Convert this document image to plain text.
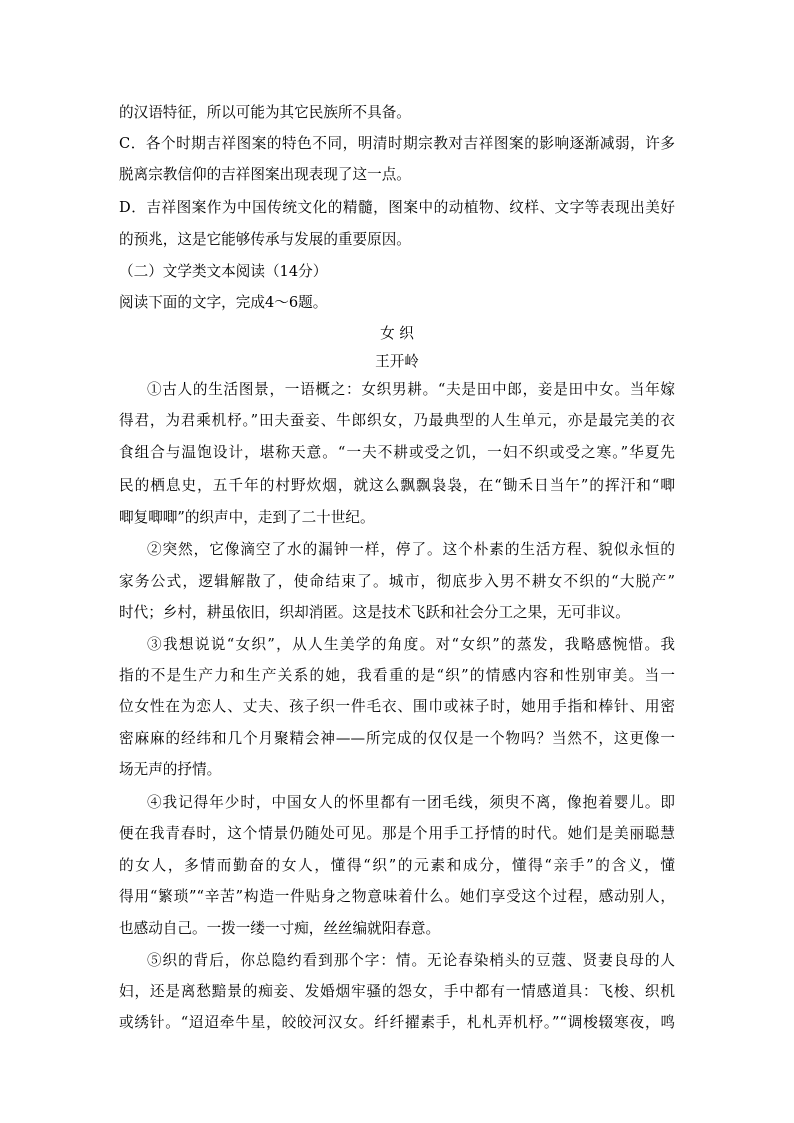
的汉语特征，所以可能为其它民族所不具备。
C．各个时期吉祥图案的特色不同，明清时期宗教对吉祥图案的影响逐渐减弱，许多
脱离宗教信仰的吉祥图案出现表现了这一点。
D．吉祥图案作为中国传统文化的精髓，图案中的动植物、纹样、文字等表现出美好
的预兆，这是它能够传承与发展的重要原因。
（二）文学类文本阅读（14分）
阅读下面的文字，完成4～6题。
女 织
王开岭
①古人的生活图景，一语概之：女织男耕。“夫是田中郎，妾是田中女。当年嫁
得君，为君乘机杼。”田夫蚕妾、牛郎织女，乃最典型的人生单元，亦是最完美的衣
食组合与温饱设计，堪称天意。“一夫不耕或受之饥，一妇不织或受之寒。”华夏先
民的栖息史，五千年的村野炊烟，就这么飘飘袅袅，在“锄禾日当午”的挥汗和“唧
唧复唧唧”的织声中，走到了二十世纪。
②突然，它像滴空了水的漏钟一样，停了。这个朴素的生活方程、貌似永恒的
家务公式，逻辑解散了，使命结束了。城市，彻底步入男不耕女不织的“大脱产”
时代；乡村，耕虽依旧，织却消匿。这是技术飞跃和社会分工之果，无可非议。
③我想说说“女织”，从人生美学的角度。对“女织”的蒸发，我略感惋惜。我
指的不是生产力和生产关系的她，我看重的是“织”的情感内容和性别审美。当一
位女性在为恋人、丈夫、孩子织一件毛衣、围巾或袜子时，她用手指和棒针、用密
密麻麻的经纬和几个月聚精会神——所完成的仅仅是一个物吗？当然不，这更像一
场无声的抒情。
④我记得年少时，中国女人的怀里都有一团毛线，须臾不离，像抱着婴儿。即
便在我青春时，这个情景仍随处可见。那是个用手工抒情的时代。她们是美丽聪慧
的女人，多情而勤奋的女人，懂得“织”的元素和成分，懂得“亲手”的含义，懂
得用“繁琐”“辛苦”构造一件贴身之物意味着什么。她们享受这个过程，感动别人，
也感动自己。一拨一缕一寸痴，丝丝编就阳春意。
⑤织的背后，你总隐约看到那个字：情。无论春染梢头的豆蔻、贤妻良母的人
妇，还是离愁黯景的痴妾、发婚烟牢骚的怨女，手中都有一情感道具：飞梭、织机
或绣针。“迢迢牵牛星，皎皎河汉女。纤纤擢素手，札札弄机杼。”“调梭辍寒夜，鸣
